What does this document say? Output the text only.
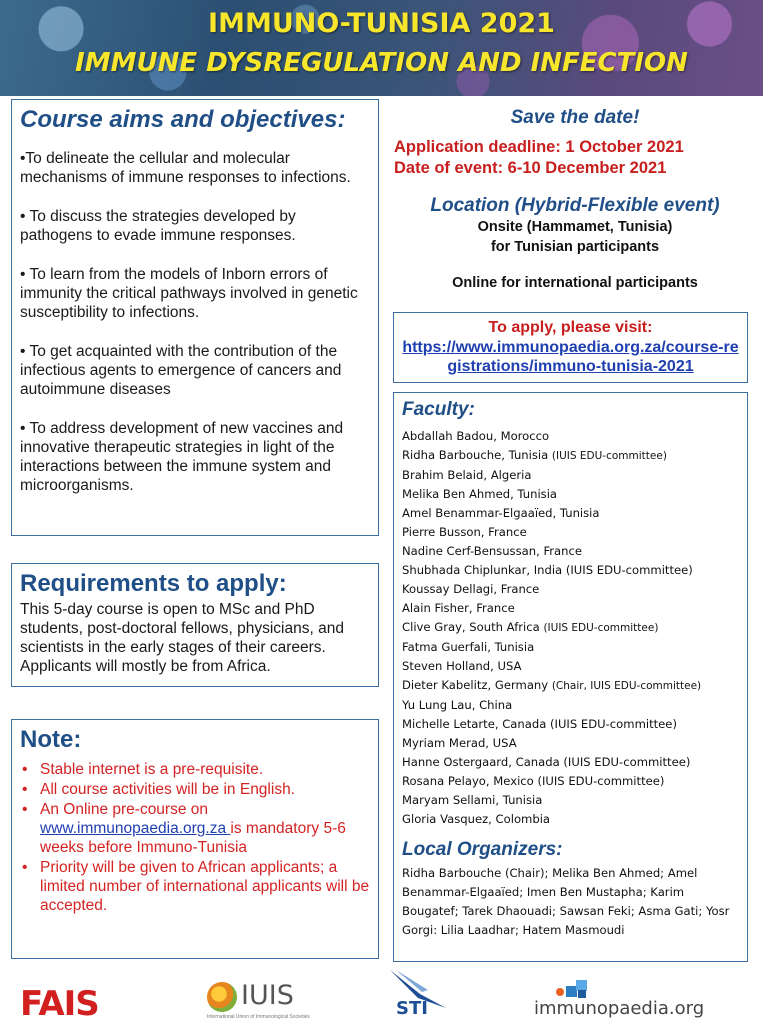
IMMUNO-TUNISIA 2021
IMMUNE DYSREGULATION AND INFECTION
Course aims and objectives:
•To delineate the cellular and molecular mechanisms of immune responses to infections.
• To discuss the strategies developed by pathogens to evade immune responses.
• To learn from the models of Inborn errors of immunity the critical pathways involved in genetic susceptibility to infections.
• To get acquainted with the contribution of the infectious agents to emergence of cancers and autoimmune diseases
• To address development of new vaccines and innovative therapeutic strategies in light of the interactions between the immune system and microorganisms.
Requirements to apply:
This 5-day course is open to MSc and PhD students, post-doctoral fellows, physicians, and scientists in the early stages of their careers. Applicants will mostly be from Africa.
Note:
• Stable internet is a pre-requisite.
• All course activities will be in English.
• An Online pre-course on www.immunopaedia.org.za is mandatory 5-6 weeks before Immuno-Tunisia
• Priority will be given to African applicants; a limited number of international applicants will be accepted.
Save the date!
Application deadline: 1 October 2021
Date of event: 6-10 December 2021
Location (Hybrid-Flexible event)
Onsite (Hammamet, Tunisia)
for Tunisian participants
Online for international participants
To apply, please visit:
https://www.immunopaedia.org.za/course-registrations/immuno-tunisia-2021
Faculty:
Abdallah Badou, Morocco
Ridha Barbouche, Tunisia (IUIS EDU-committee)
Brahim Belaid, Algeria
Melika Ben Ahmed, Tunisia
Amel Benammar-Elgaaïed, Tunisia
Pierre Busson, France
Nadine Cerf-Bensussan, France
Shubhada Chiplunkar, India (IUIS EDU-committee)
Koussay Dellagi, France
Alain Fisher, France
Clive Gray, South Africa (IUIS EDU-committee)
Fatma Guerfali, Tunisia
Steven Holland, USA
Dieter Kabelitz, Germany (Chair, IUIS EDU-committee)
Yu Lung Lau, China
Michelle Letarte, Canada (IUIS EDU-committee)
Myriam Merad, USA
Hanne Ostergaard, Canada (IUIS EDU-committee)
Rosana Pelayo, Mexico (IUIS EDU-committee)
Maryam Sellami, Tunisia
Gloria Vasquez, Colombia
Local Organizers:
Ridha Barbouche (Chair); Melika Ben Ahmed; Amel Benammar-Elgaaïed; Imen Ben Mustapha; Karim Bougatef; Tarek Dhaouadi; Sawsan Feki; Asma Gati; Yosr Gorgi: Lilia Laadhar; Hatem Masmoudi
FAIS	IUIS
International Union of Immunological Societies	STI	immunopaedia.org
